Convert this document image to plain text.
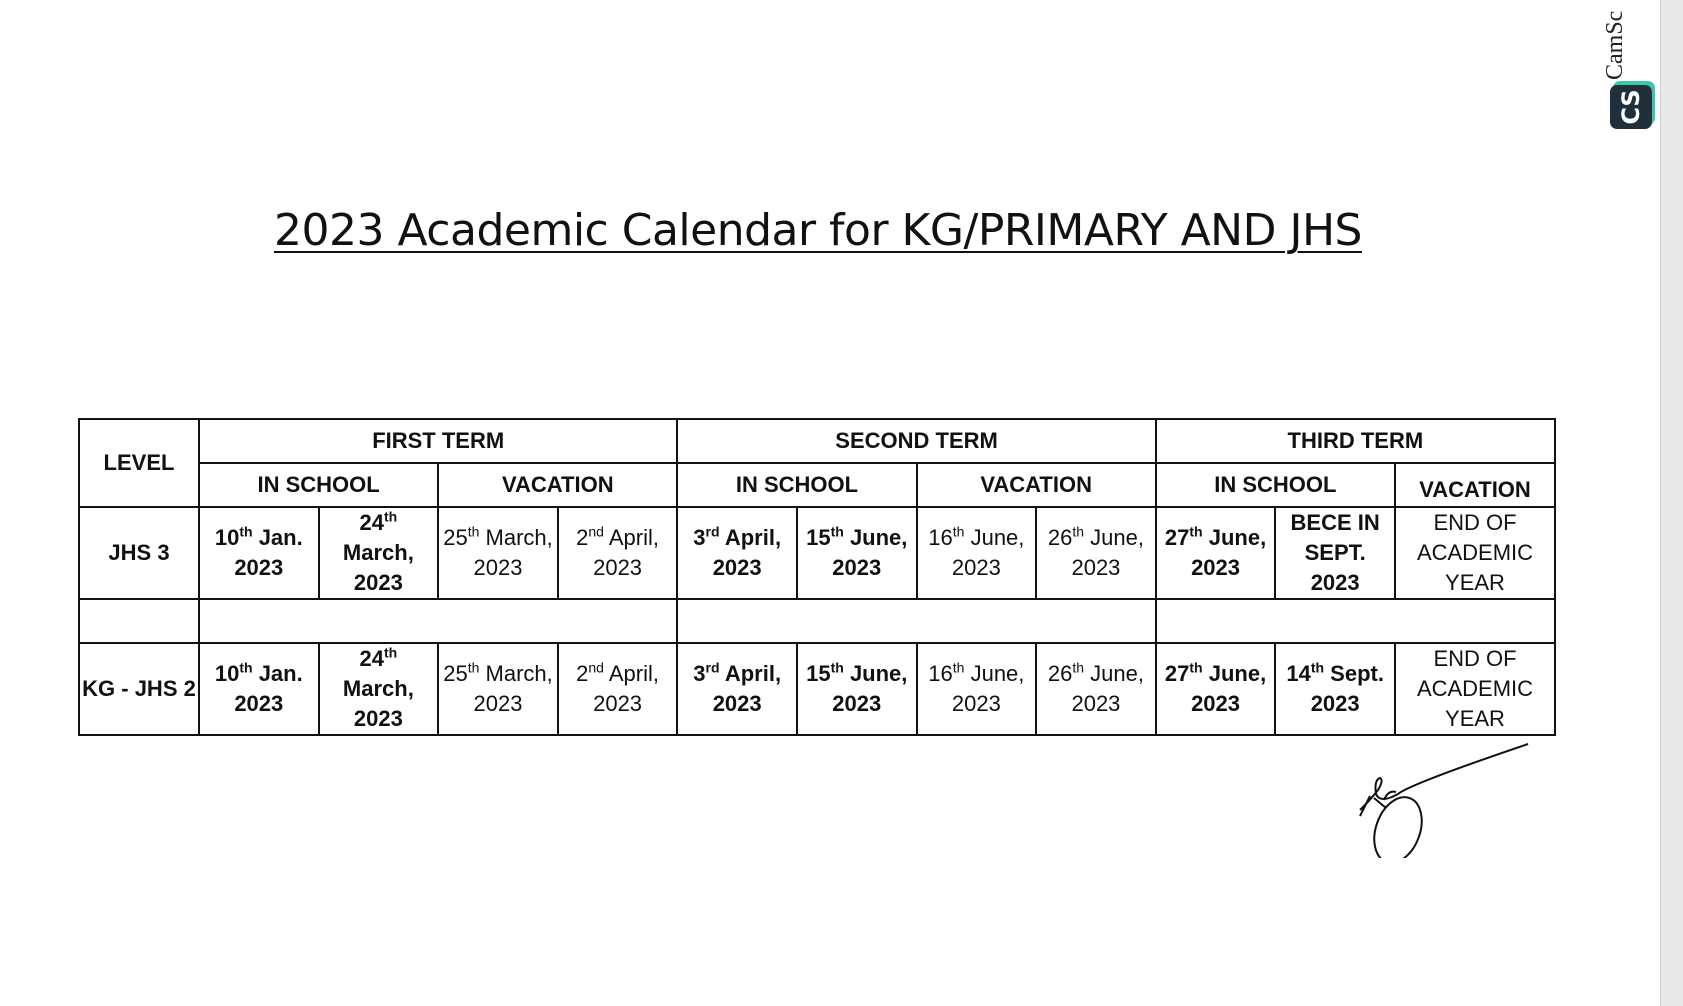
CS
CamSc
2023 Academic Calendar for KG/PRIMARY AND JHS
LEVEL	FIRST TERM				SECOND TERM				THIRD TERM		
	IN SCHOOL		VACATION		IN SCHOOL		VACATION		IN SCHOOL		VACATION
JHS 3	10th Jan. 2023	24th March, 2023	25th March, 2023	2nd April, 2023	3rd April, 2023	15th June, 2023	16th June, 2023	26th June, 2023	27th June, 2023	BECE IN SEPT. 2023	END OF ACADEMIC YEAR

KG - JHS 2	10th Jan. 2023	24th March, 2023	25th March, 2023	2nd April, 2023	3rd April, 2023	15th June, 2023	16th June, 2023	26th June, 2023	27th June, 2023	14th Sept. 2023	END OF ACADEMIC YEAR
